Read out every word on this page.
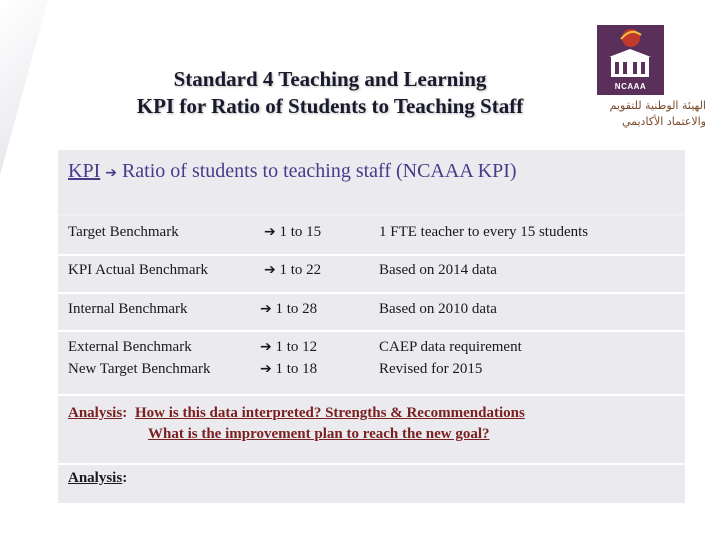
Standard 4 Teaching and Learning
KPI for Ratio of Students to Teaching Staff
NCAAA
الهيئة الوطنية للتقويم
والاعتماد الأكاديمي
KPI ➔ Ratio of students to teaching staff (NCAAA KPI)
Target Benchmark	➔ 1 to 15	1 FTE teacher to every 15 students
KPI Actual Benchmark	➔ 1 to 22	Based on 2014 data
Internal Benchmark	➔ 1 to 28	Based on 2010 data
External Benchmark	➔ 1 to 12	CAEP data requirement
New Target Benchmark	➔ 1 to 18	Revised for 2015
Analysis: How is this data interpreted? Strengths & Recommendations
What is the improvement plan to reach the new goal?
Analysis:
